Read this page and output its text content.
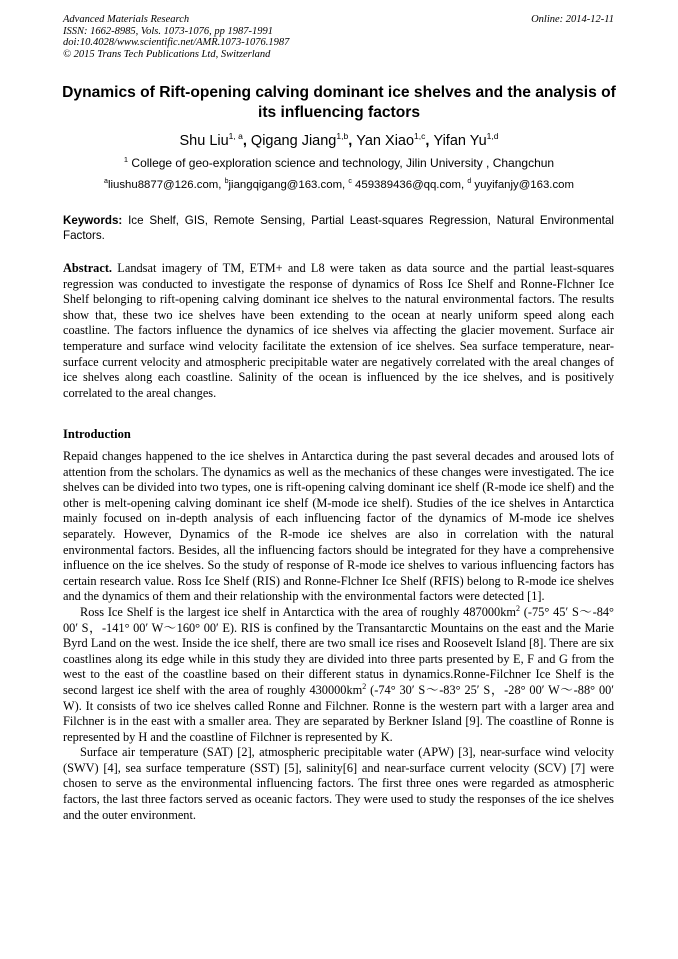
Advanced Materials Research
ISSN: 1662-8985, Vols. 1073-1076, pp 1987-1991
doi:10.4028/www.scientific.net/AMR.1073-1076.1987
© 2015 Trans Tech Publications Ltd, Switzerland
Online: 2014-12-11
Dynamics of Rift-opening calving dominant ice shelves and the analysis of its influencing factors
Shu Liu$^{1, a}$, Qigang Jiang$^{1,b}$, Yan Xiao$^{1,c}$, Yifan Yu$^{1,d}$
$^1$ College of geo-exploration science and technology, Jilin University , Changchun
$^a$liushu8877@126.com, $^b$jiangqigang@163.com, $^c$ 459389436@qq.com, $^d$ yuyifanjy@163.com
Keywords: Ice Shelf, GIS, Remote Sensing, Partial Least-squares Regression, Natural Environmental Factors.
Abstract. Landsat imagery of TM, ETM+ and L8 were taken as data source and the partial least-squares regression was conducted to investigate the response of dynamics of Ross Ice Shelf and Ronne-Flchner Ice Shelf belonging to rift-opening calving dominant ice shelves to the natural environmental factors. The results show that, these two ice shelves have been extending to the ocean at nearly uniform speed along each coastline. The factors influence the dynamics of ice shelves via affecting the glacier movement. Surface air temperature and surface wind velocity facilitate the extension of ice shelves. Sea surface temperature, near-surface current velocity and atmospheric precipitable water are negatively correlated with the areal changes of ice shelves along each coastline. Salinity of the ocean is influenced by the ice shelves, and is positively correlated to the areal changes.
Introduction

Repaid changes happened to the ice shelves in Antarctica during the past several decades and aroused lots of attention from the scholars. The dynamics as well as the mechanics of these changes were investigated. The ice shelves can be divided into two types, one is rift-opening calving dominant ice shelf (R-mode ice shelf) and the other is melt-opening calving dominant ice shelf (M-mode ice shelf). Studies of the ice shelves in Antarctica mainly focused on in-depth analysis of each influencing factor of the dynamics of M-mode ice shelves separately. However, Dynamics of the R-mode ice shelves are also in correlation with the natural environmental factors. Besides, all the influencing factors should be integrated for they have a comprehensive influence on the ice shelves. So the study of response of R-mode ice shelves to various influencing factors has certain research value. Ross Ice Shelf (RIS) and Ronne-Flchner Ice Shelf (RFIS) belong to R-mode ice shelves and the dynamics of them and their relationship with the environmental factors were detected [1].

Ross Ice Shelf is the largest ice shelf in Antarctica with the area of roughly $487000km^2$ (-75° 45′ S～-84° 00′ S，-141° 00′ W～160° 00′ E). RIS is confined by the Transantarctic Mountains on the east and the Marie Byrd Land on the west. Inside the ice shelf, there are two small ice rises and Roosevelt Island [8]. There are six coastlines along its edge while in this study they are divided into three parts presented by E, F and G from the west to the east of the coastline based on their different status in dynamics.Ronne-Filchner Ice Shelf is the second largest ice shelf with the area of roughly $430000km^2$ (-74° 30′ S～-83° 25′ S，-28° 00′ W～-88° 00′ W). It consists of two ice shelves called Ronne and Filchner. Ronne is the western part with a larger area and Filchner is in the east with a smaller area. They are separated by Berkner Island [9]. The coastline of Ronne is represented by H and the coastline of Filchner is represented by K.

Surface air temperature (SAT) [2], atmospheric precipitable water (APW) [3], near-surface wind velocity (SWV) [4], sea surface temperature (SST) [5], salinity[6] and near-surface current velocity (SCV) [7] were chosen to serve as the environmental influencing factors. The first three ones were regarded as atmospheric factors, the last three factors served as oceanic factors. They were used to study the responses of the ice shelves and the outer environment.
